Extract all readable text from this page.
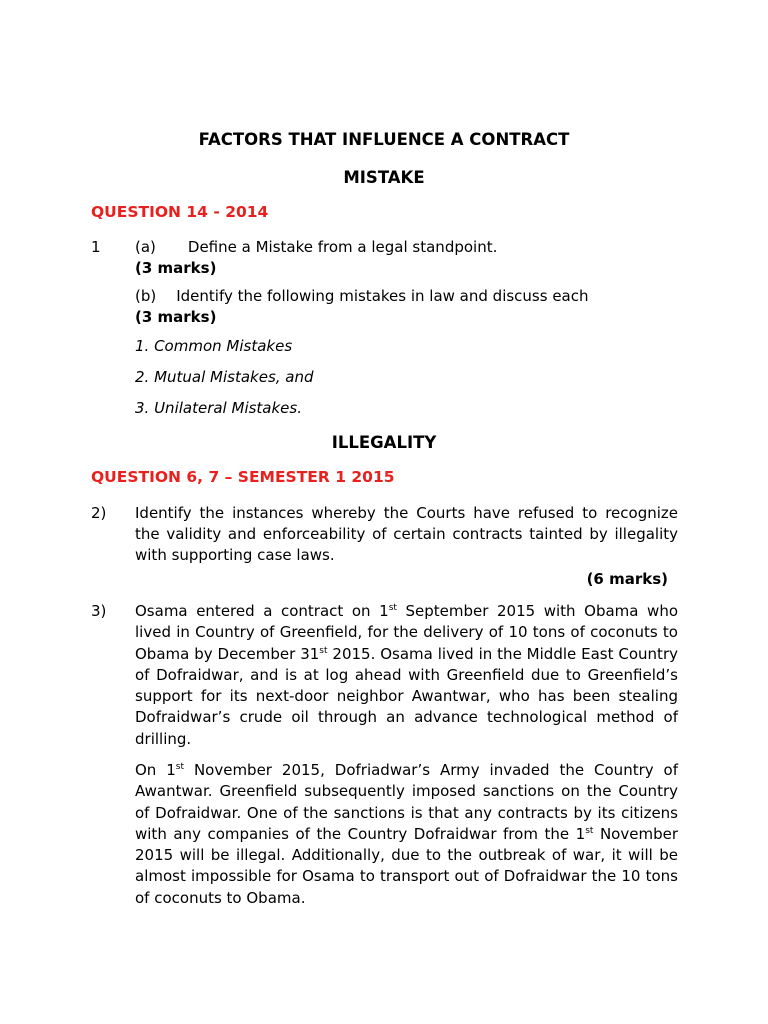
FACTORS THAT INFLUENCE A CONTRACT
MISTAKE
QUESTION 14 - 2014
1 (a) Define a Mistake from a legal standpoint.
(3 marks)
(b) Identify the following mistakes in law and discuss each
(3 marks)
1. Common Mistakes
2. Mutual Mistakes, and
3. Unilateral Mistakes.
ILLEGALITY
QUESTION 6, 7 – SEMESTER 1 2015
2) Identify the instances whereby the Courts have refused to recognize the validity and enforceability of certain contracts tainted by illegality with supporting case laws.
(6 marks)
3) Osama entered a contract on 1st September 2015 with Obama who lived in Country of Greenfield, for the delivery of 10 tons of coconuts to Obama by December 31st 2015. Osama lived in the Middle East Country of Dofraidwar, and is at log ahead with Greenfield due to Greenfield’s support for its next-door neighbor Awantwar, who has been stealing Dofraidwar’s crude oil through an advance technological method of drilling.
On 1st November 2015, Dofriadwar’s Army invaded the Country of Awantwar. Greenfield subsequently imposed sanctions on the Country of Dofraidwar. One of the sanctions is that any contracts by its citizens with any companies of the Country Dofraidwar from the 1st November 2015 will be illegal. Additionally, due to the outbreak of war, it will be almost impossible for Osama to transport out of Dofraidwar the 10 tons of coconuts to Obama.
